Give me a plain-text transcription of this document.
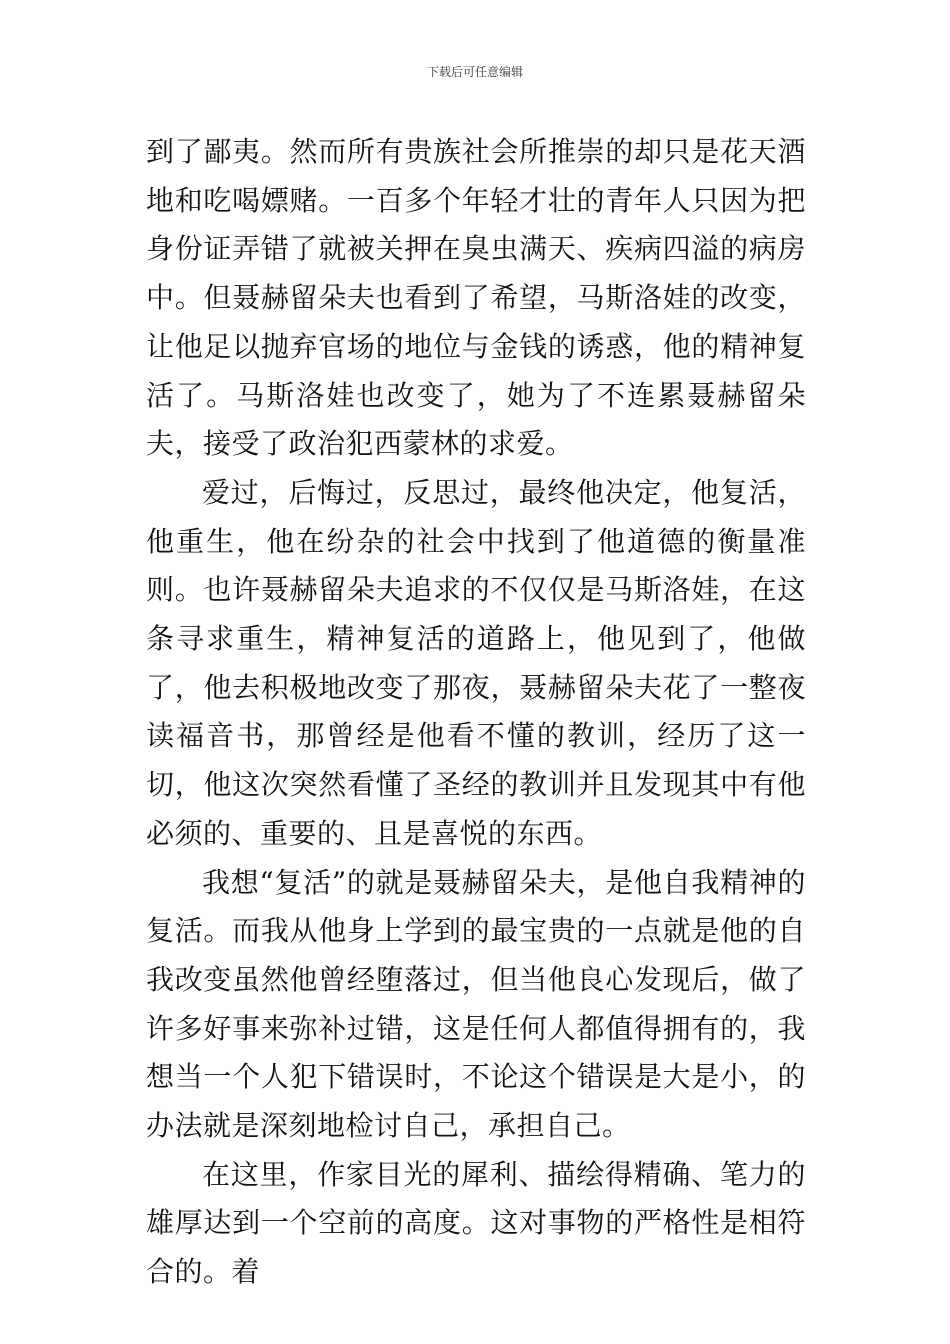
下载后可任意编辑

到了鄙夷。然而所有贵族社会所推崇的却只是花天酒地和吃喝嫖赌。一百多个年轻才壮的青年人只因为把身份证弄错了就被关押在臭虫满天、疾病四溢的病房中。但聂赫留朵夫也看到了希望，马斯洛娃的改变，让他足以抛弃官场的地位与金钱的诱惑，他的精神复活了。马斯洛娃也改变了，她为了不连累聂赫留朵夫，接受了政治犯西蒙林的求爱。

爱过，后悔过，反思过，最终他决定，他复活，他重生，他在纷杂的社会中找到了他道德的衡量准则。也许聂赫留朵夫追求的不仅仅是马斯洛娃，在这条寻求重生，精神复活的道路上，他见到了，他做了，他去积极地改变了那夜，聂赫留朵夫花了一整夜读福音书，那曾经是他看不懂的教训，经历了这一切，他这次突然看懂了圣经的教训并且发现其中有他必须的、重要的、且是喜悦的东西。

我想“复活”的就是聂赫留朵夫，是他自我精神的复活。而我从他身上学到的最宝贵的一点就是他的自我改变虽然他曾经堕落过，但当他良心发现后，做了许多好事来弥补过错，这是任何人都值得拥有的，我想当一个人犯下错误时，不论这个错误是大是小，的办法就是深刻地检讨自己，承担自己。

在这里，作家目光的犀利、描绘得精确、笔力的雄厚达到一个空前的高度。这对事物的严格性是相符合的。着
